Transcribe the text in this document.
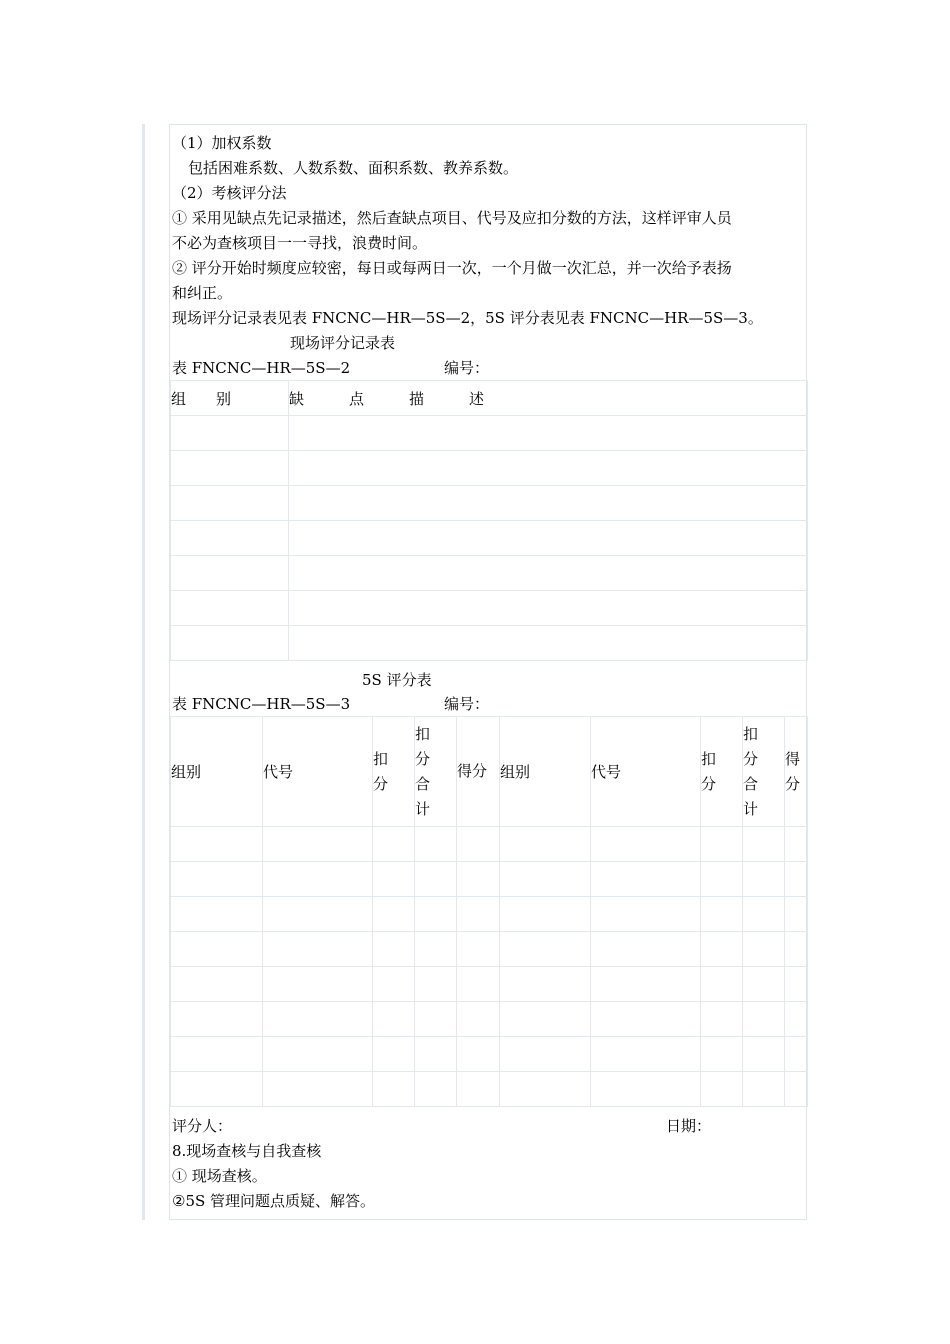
（1）加权系数
包括困难系数、人数系数、面积系数、教养系数。
（2）考核评分法
① 采用见缺点先记录描述，然后查缺点项目、代号及应扣分数的方法，这样评审人员
不必为查核项目一一寻找，浪费时间。
② 评分开始时频度应较密，每日或每两日一次，一个月做一次汇总，并一次给予表扬
和纠正。
现场评分记录表见表 FNCNC—HR—5S—2，5S 评分表见表 FNCNC—HR—5S—3。
现场评分记录表
表 FNCNC—HR—5S—2	编号：
组　　别	缺　　　点　　　描　　　述

5S 评分表
表 FNCNC—HR—5S—3	编号：
组别	代号	扣
分	扣
分
合
计	得分	组别	代号	扣
分	扣
分
合
计	得
分

评分人：	日期：
8.现场查核与自我查核
① 现场查核。
②5S 管理问题点质疑、解答。
